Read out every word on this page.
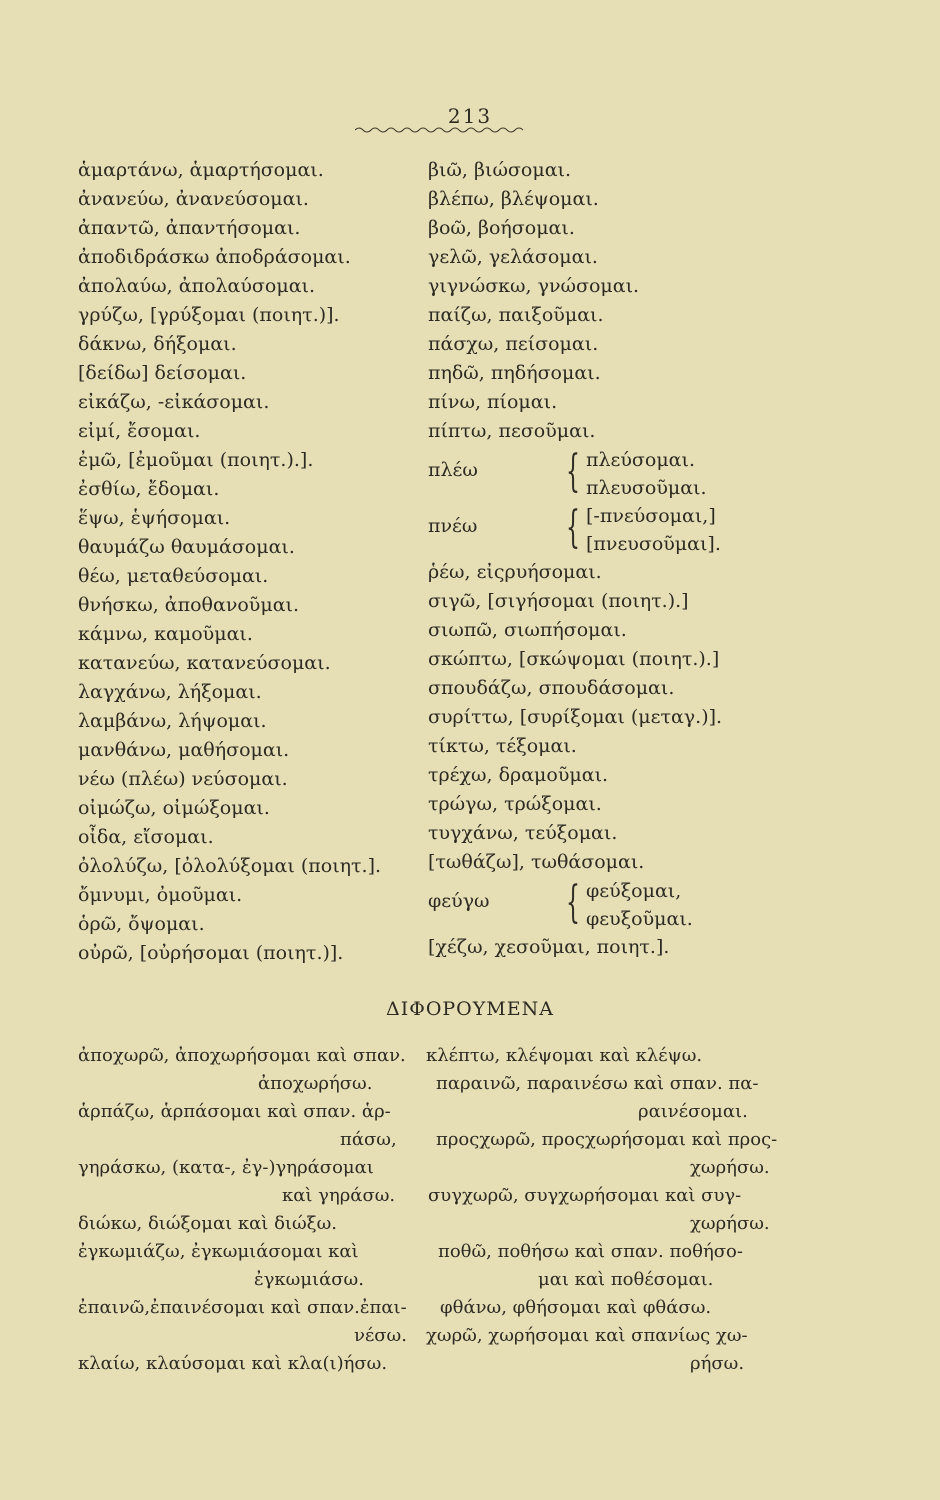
213
ἁμαρτάνω, ἁμαρτήσομαι.
ἀνανεύω, ἀνανεύσομαι.
ἀπαντῶ, ἀπαντήσομαι.
ἀποδιδράσκω ἀποδράσομαι.
ἀπολαύω, ἀπολαύσομαι.
γρύζω, [γρύξομαι (ποιητ.)].
δάκνω, δήξομαι.
[δείδω] δείσομαι.
εἰκάζω, -εἰκάσομαι.
εἰμί, ἔσομαι.
ἐμῶ, [ἐμοῦμαι (ποιητ.).].
ἐσθίω, ἔδομαι.
ἕψω, ἑψήσομαι.
θαυμάζω θαυμάσομαι.
θέω, μεταθεύσομαι.
θνήσκω, ἀποθανοῦμαι.
κάμνω, καμοῦμαι.
κατανεύω, κατανεύσομαι.
λαγχάνω, λήξομαι.
λαμβάνω, λήψομαι.
μανθάνω, μαθήσομαι.
νέω (πλέω) νεύσομαι.
οἰμώζω, οἰμώξομαι.
οἶδα, εἴσομαι.
ὀλολύζω, [ὀλολύξομαι (ποιητ.].
ὄμνυμι, ὀμοῦμαι.
ὁρῶ, ὄψομαι.
οὐρῶ, [οὐρήσομαι (ποιητ.)].
βιῶ, βιώσομαι.
βλέπω, βλέψομαι.
βοῶ, βοήσομαι.
γελῶ, γελάσομαι.
γιγνώσκω, γνώσομαι.
παίζω, παιξοῦμαι.
πάσχω, πείσομαι.
πηδῶ, πηδήσομαι.
πίνω, πίομαι.
πίπτω, πεσοῦμαι.
πλέω { πλεύσομαι.
πλευσοῦμαι.
πνέω { [-πνεύσομαι,]
[πνευσοῦμαι].
ῥέω, εἰςρυήσομαι.
σιγῶ, [σιγήσομαι (ποιητ.).]
σιωπῶ, σιωπήσομαι.
σκώπτω, [σκώψομαι (ποιητ.).]
σπουδάζω, σπουδάσομαι.
συρίττω, [συρίξομαι (μεταγ.)].
τίκτω, τέξομαι.
τρέχω, δραμοῦμαι.
τρώγω, τρώξομαι.
τυγχάνω, τεύξομαι.
[τωθάζω], τωθάσομαι.
φεύγω { φεύξομαι,
φευξοῦμαι.
[χέζω, χεσοῦμαι, ποιητ.].
ΔΙΦΟΡΟΥΜΕΝΑ
ἀποχωρῶ, ἀποχωρήσομαι καὶ σπαν. κλέπτω, κλέψομαι καὶ κλέψω.
ἀποχωρήσω.	παραινῶ, παραινέσω καὶ σπαν. πα-
ἁρπάζω, ἁρπάσομαι καὶ σπαν. ἁρ-	ραινέσομαι.
πάσω, προςχωρῶ, προςχωρήσομαι καὶ προς-
γηράσκω, (κατα-, ἐγ-)γηράσομαι	χωρήσω.
καὶ γηράσω. συγχωρῶ, συγχωρήσομαι καὶ συγ-
διώκω, διώξομαι καὶ διώξω.	χωρήσω.
ἐγκωμιάζω, ἐγκωμιάσομαι καὶ	ποθῶ, ποθήσω καὶ σπαν. ποθήσο-
ἐγκωμιάσω.	μαι καὶ ποθέσομαι.
ἐπαινῶ,ἐπαινέσομαι καὶ σπαν.ἐπαι- φθάνω, φθήσομαι καὶ φθάσω.
νέσω. χωρῶ, χωρήσομαι καὶ σπανίως χω-
κλαίω, κλαύσομαι καὶ κλα(ι)ήσω.	ρήσω.
